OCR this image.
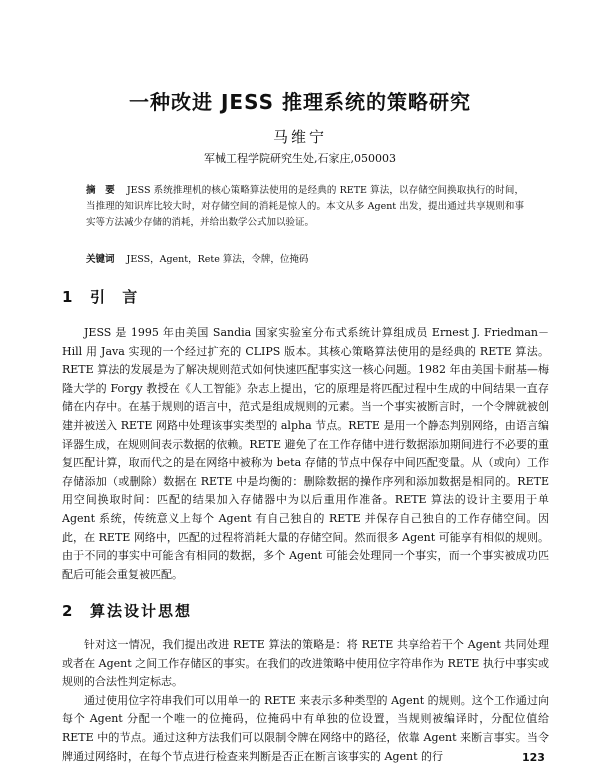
一种改进 JESS 推理系统的策略研究
马维宁
军械工程学院研究生处,石家庄,050003
摘　要 JESS 系统推理机的核心策略算法使用的是经典的 RETE 算法，以存储空间换取执行的时间，当推理的知识库比较大时，对存储空间的消耗是惊人的。本文从多 Agent 出发，提出通过共享规则和事实等方法减少存储的消耗，并给出数学公式加以验证。
关键词 JESS，Agent，Rete 算法，令牌，位掩码
1 引 言

JESS 是 1995 年由美国 Sandia 国家实验室分布式系统计算组成员 Ernest J. Friedman－Hill 用 Java 实现的一个经过扩充的 CLIPS 版本。其核心策略算法使用的是经典的 RETE 算法。RETE 算法的发展是为了解决规则范式如何快速匹配事实这一核心问题。1982 年由美国卡耐基—梅隆大学的 Forgy 教授在《人工智能》杂志上提出，它的原理是将匹配过程中生成的中间结果一直存储在内存中。在基于规则的语言中，范式是组成规则的元素。当一个事实被断言时，一个令牌就被创建并被送入 RETE 网路中处理该事实类型的 alpha 节点。RETE 是用一个静态判别网络，由语言编译器生成，在规则间表示数据的依赖。RETE 避免了在工作存储中进行数据添加期间进行不必要的重复匹配计算，取而代之的是在网络中被称为 beta 存储的节点中保存中间匹配变量。从（或向）工作存储添加（或删除）数据在 RETE 中是均衡的：删除数据的操作序列和添加数据是相同的。RETE 用空间换取时间：匹配的结果加入存储器中为以后重用作准备。RETE 算法的设计主要用于单 Agent 系统，传统意义上每个 Agent 有自己独自的 RETE 并保存自己独自的工作存储空间。因此，在 RETE 网络中，匹配的过程将消耗大量的存储空间。然而很多 Agent 可能享有相似的规则。由于不同的事实中可能含有相同的数据，多个 Agent 可能会处理同一个事实，而一个事实被成功匹配后可能会重复被匹配。

2 算法设计思想

针对这一情况，我们提出改进 RETE 算法的策略是：将 RETE 共享给若干个 Agent 共同处理或者在 Agent 之间工作存储区的事实。在我们的改进策略中使用位字符串作为 RETE 执行中事实或规则的合法性判定标志。

通过使用位字符串我们可以用单一的 RETE 来表示多种类型的 Agent 的规则。这个工作通过向每个 Agent 分配一个唯一的位掩码，位掩码中有单独的位设置，当规则被编译时，分配位值给 RETE 中的节点。通过这种方法我们可以限制令牌在网络中的路径，依靠 Agent 来断言事实。当令牌通过网络时，在每个节点进行检查来判断是否正在断言该事实的 Agent 的行	123
